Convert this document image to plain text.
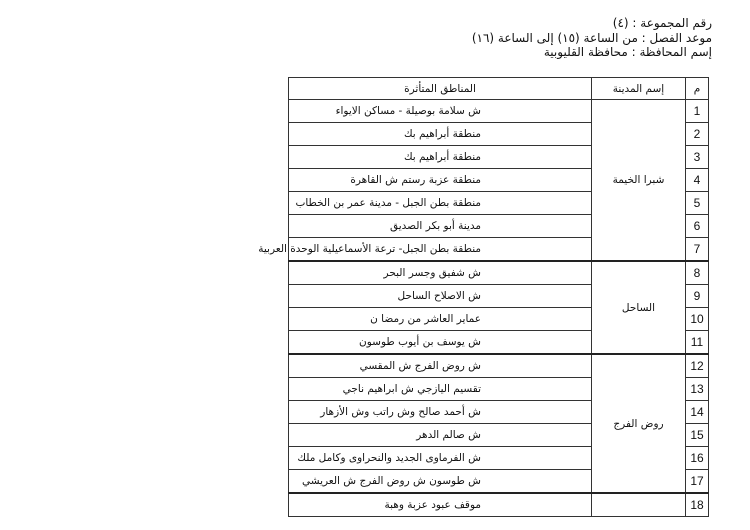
رقم المجموعة : (٤)
موعد الفصل : من الساعة (١٥) إلى الساعة (١٦)
إسم المحافظة : محافظة القليوبية
م	إسم المدينة	المناطق المتأثرة
1	شبرا الخيمة	ش سلامة بوصيلة - مساكن الايواء
2		منطقة أبراهيم بك
3		منطقة أبراهيم بك
4		منطقة عزبة رستم ش القاهرة
5		منطقة بطن الجبل - مدينة عمر بن الخطاب
6		مدينة أبو بكر الصديق
7		منطقة بطن الجبل- ترعة الأسماعيلية الوحدة العربية
8	الساحل	ش شفيق وجسر البحر
9		ش الاصلاح الساحل
10		عماير العاشر من رمضا ن
11		ش يوسف بن أيوب طوسون
12	روض الفرج	ش روض الفرج ش المقسي
13		تقسيم اليازجي ش ابراهيم ناجي
14		ش أحمد صالح وش راتب وش الأزهار
15		ش صالم الدهر
16		ش الفرماوى الجديد والنحراوى وكامل ملك
17		ش طوسون ش روض الفرج ش العريشي
18		موقف عبود عزبة وهبة
